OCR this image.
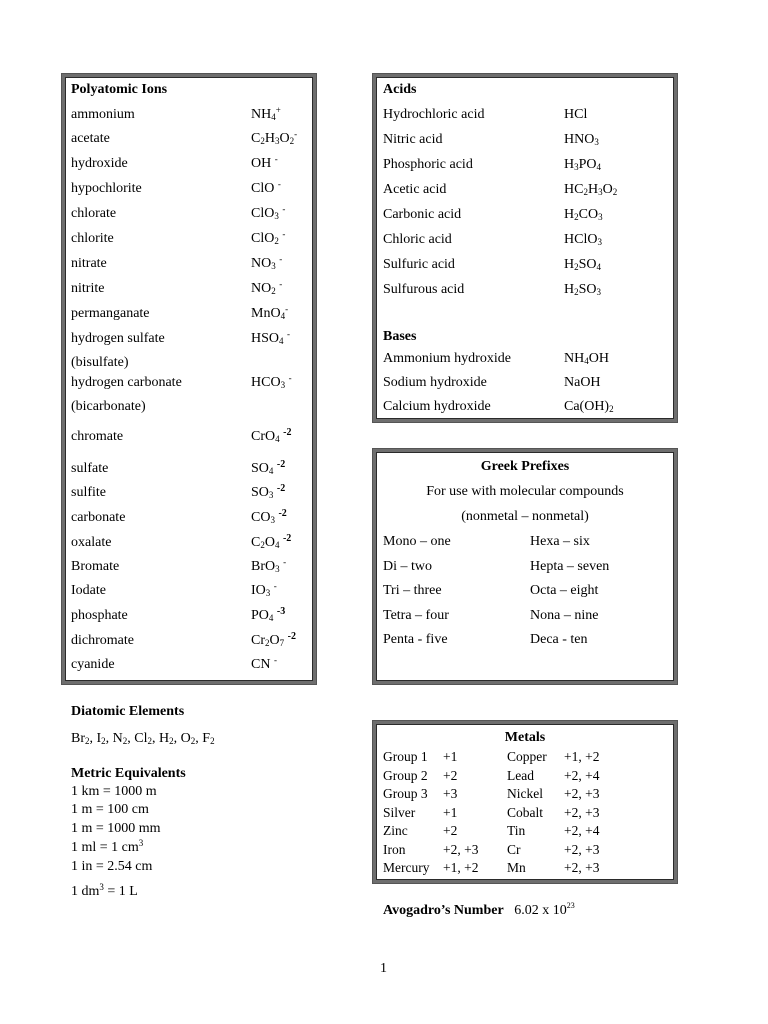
Polyatomic Ions
ammonium	$NH_4^+$
acetate	$C_2H_3O_2^-$
hydroxide	OH -
hypochlorite	ClO -
chlorate	ClO$_3$ -
chlorite	ClO$_2$ -
nitrate	$NO_3$ -
nitrite	$NO_2$ -
permanganate	MnO$_4$-
hydrogen sulfate	$HSO_4$ -
(bisulfate)
hydrogen carbonate	$HCO_3$ -
(bicarbonate)
chromate	CrO$_4$ $^{-2}$
sulfate	$SO_4$ $^{-2}$
sulfite	$SO_3$ $^{-2}$
carbonate	$CO_3$ $^{-2}$
oxalate	$C_2O_4$ $^{-2}$
Bromate	BrO$_3$ -
Iodate	$IO_3$ -
phosphate	$PO_4$ $^{-3}$
dichromate	$Cr_2O_7$ $^{-2}$
cyanide	CN -
Acids
Hydrochloric acid	HCl
Nitric acid	$HNO_3$
Phosphoric acid	$H_3PO_4$
Acetic acid	$HC_2H_3O_2$
Carbonic acid	$H_2CO_3$
Chloric acid	HClO$_3$
Sulfuric acid	$H_2SO_4$
Sulfurous acid	$H_2SO_3$
Bases
Ammonium hydroxide	$NH_4OH$
Sodium hydroxide	NaOH
Calcium hydroxide	$Ca(OH)_2$
Greek Prefixes
For use with molecular compounds
(nonmetal – nonmetal)
Mono – one	Hexa – six
Di – two	Hepta – seven
Tri – three	Octa – eight
Tetra – four	Nona – nine
Penta - five	Deca - ten
Diatomic Elements
$Br_2$, $I_2$, $N_2$, $Cl_2$, $H_2$, $O_2$, $F_2$
Metric Equivalents
1 km = 1000 m
1 m = 100 cm
1 m = 1000 mm
1 ml = 1 $cm^3$
1 in = 2.54 cm
1 $dm^3 = 1$ L
Metals
Group 1 +1	Copper +1, +2
Group 2 +2	Lead +2, +4
Group 3 +3	Nickel +2, +3
Silver +1	Cobalt +2, +3
Zinc	+2	Tin	+2, +4
Iron	+2, +3 Cr	+2, +3
Mercury +1, +2 Mn	+2, +3
Avogadro’s Number 6.02 x $10^{23}$
1
